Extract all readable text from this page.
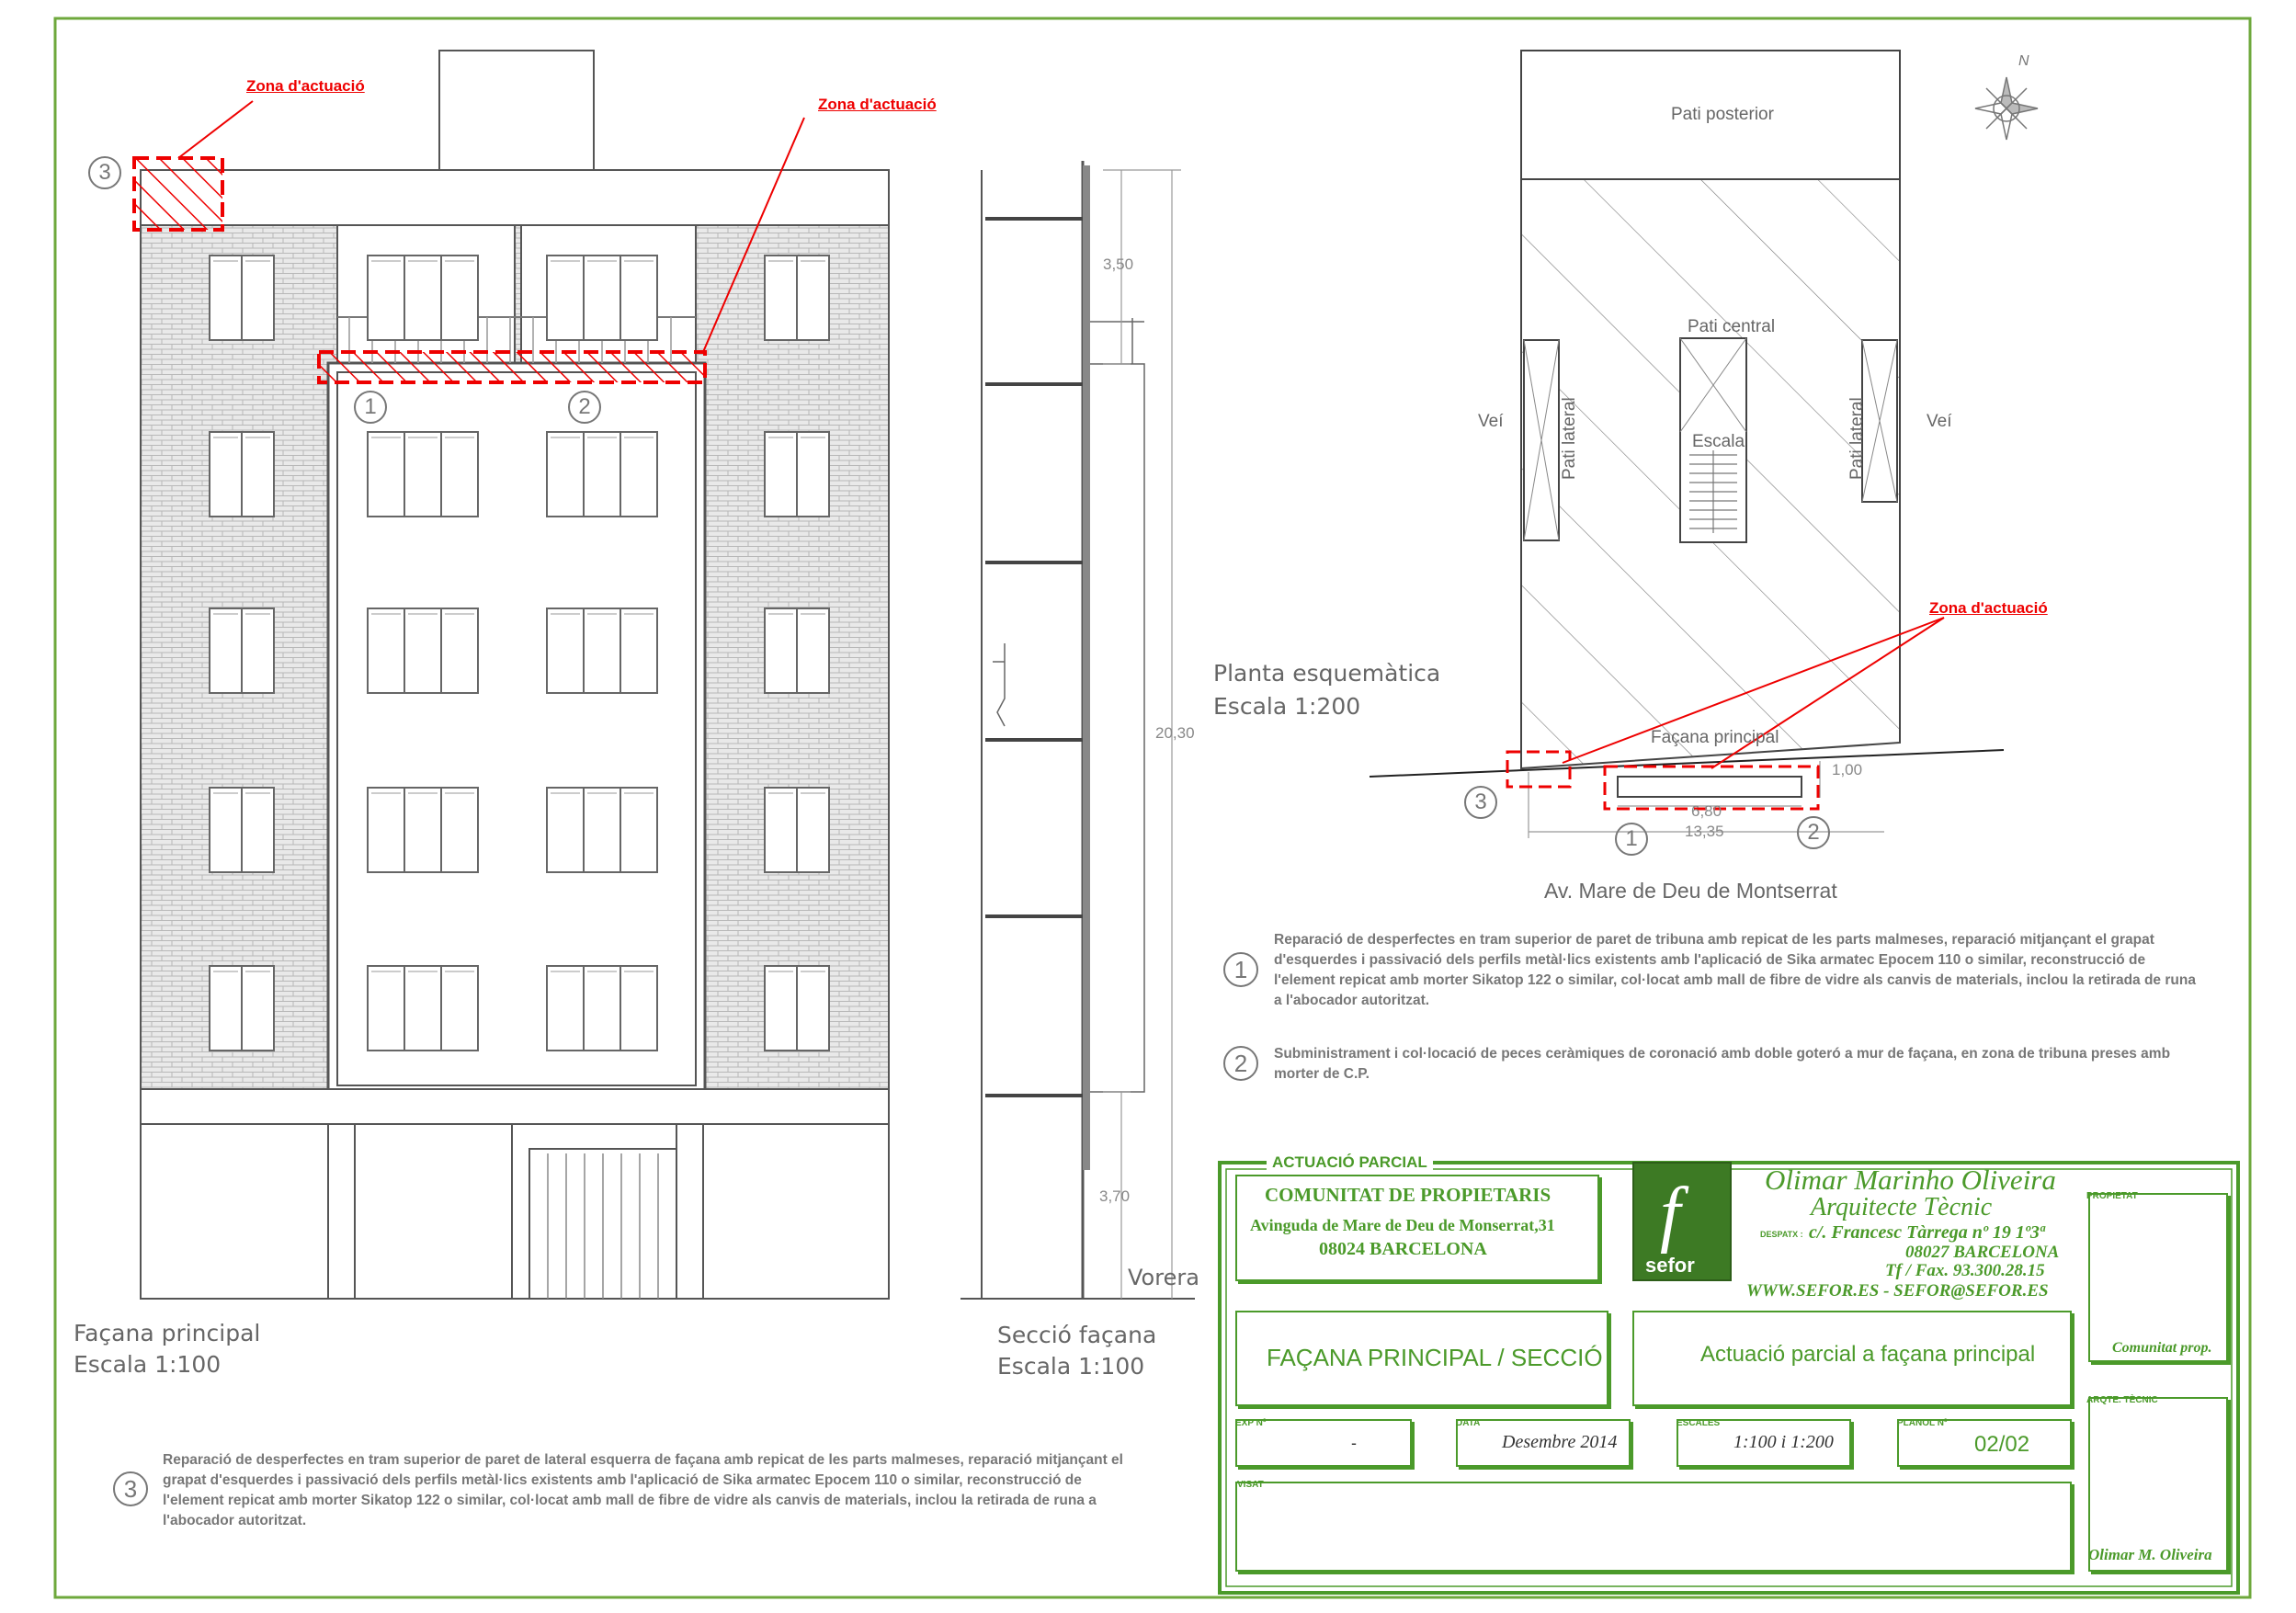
Zona d'actuació
Zona d'actuació
Zona d'actuació
3
1	2
3
1	2
N
Façana principal
Escala 1:100
Secció façana
Escala 1:100
3,50
20,30
3,70
Vorera
Pati posterior
Pati central
Escala
Pati lateral	Pati lateral
Veí	Veí
Façana principal
1,00
6,80
13,35
Planta esquemàtica
Escala 1:200
Av. Mare de Deu de Montserrat
1
Reparació de desperfectes en tram superior de paret de tribuna amb repicat de les parts malmeses, reparació mitjançant el grapat d'esquerdes i passivació dels perfils metàl·lics existents amb l'aplicació de Sika armatec Epocem 110 o similar, reconstrucció de l'element repicat amb morter Sikatop 122 o similar, col·locat amb mall de fibre de vidre als canvis de materials, inclou la retirada de runa a l'abocador autoritzat.
2	Subministrament i col·locació de peces ceràmiques de coronació amb doble goteró a mur de façana, en zona de tribuna preses amb morter de C.P.
3
Reparació de desperfectes en tram superior de paret de lateral esquerra de façana amb repicat de les parts malmeses, reparació mitjançant el grapat d'esquerdes i passivació dels perfils metàl·lics existents amb l'aplicació de Sika armatec Epocem 110 o similar, reconstrucció de l'element repicat amb morter Sikatop 122 o similar, col·locat amb mall de fibre de vidre als canvis de materials, inclou la retirada de runa a l'abocador autoritzat.
ACTUACIÓ PARCIAL
COMUNITAT DE PROPIETARIS
Avinguda de Mare de Deu de Monserrat,31
08024 BARCELONA f
sefor
Olimar Marinho Oliveira
Arquitecte Tècnic
DESPATX : c/. Francesc Tàrrega nº 19 1º3ª
08027 BARCELONA
Tf / Fax. 93.300.28.15
WWW.SEFOR.ES - SEFOR@SEFOR.ES
PROPIETAT
Comunitat prop.
FAÇANA PRINCIPAL / SECCIÓ	Actuació parcial a façana principal
ARQTE. TÈCNIC
Olimar M. Oliveira
EXP Nº
-
DATA
Desembre 2014
ESCALES
1:100 i 1:200
PLANOL Nº
02/02
VISAT
